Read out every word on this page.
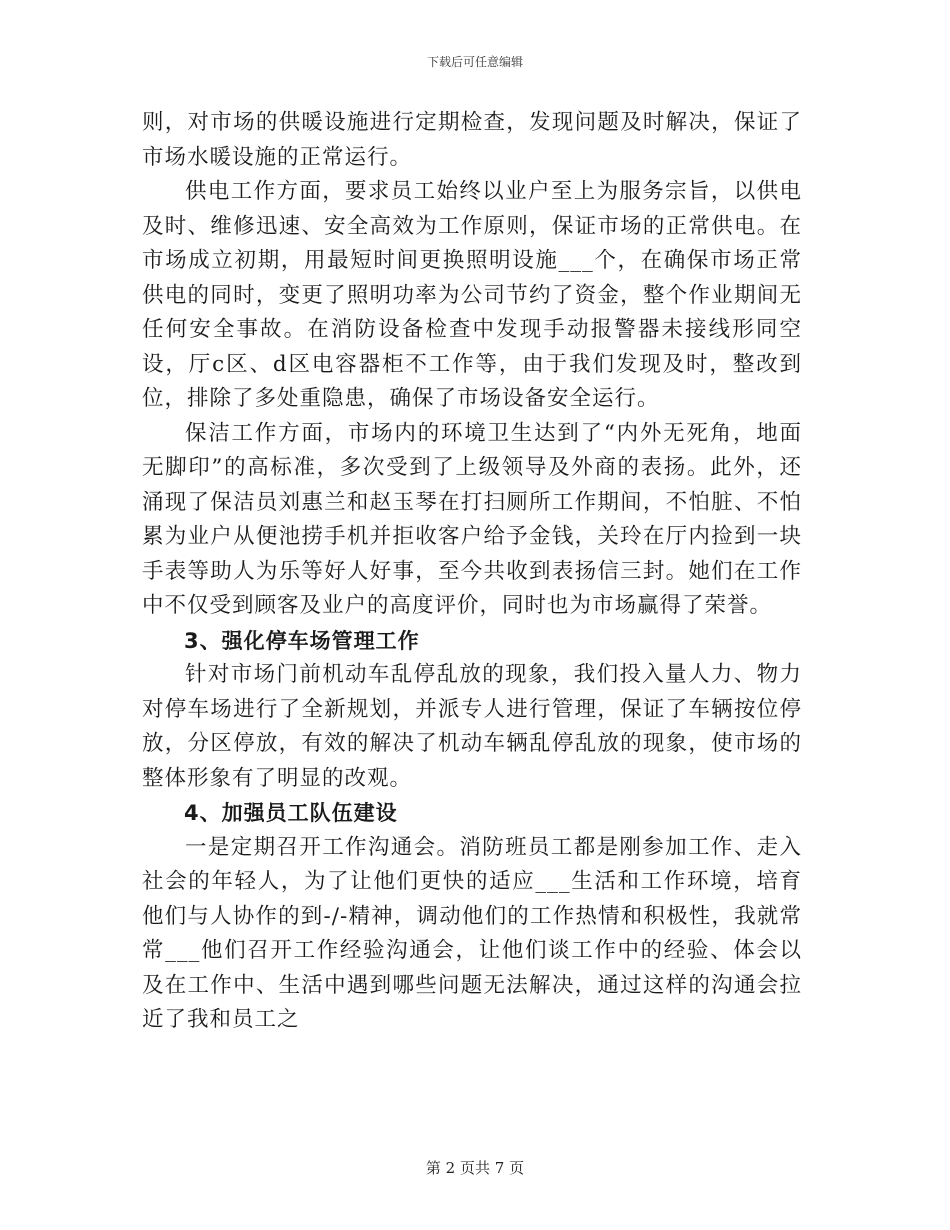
下载后可任意编辑

则，对市场的供暖设施进行定期检查，发现问题及时解决，保证了市场水暖设施的正常运行。

供电工作方面，要求员工始终以业户至上为服务宗旨，以供电及时、维修迅速、安全高效为工作原则，保证市场的正常供电。在市场成立初期，用最短时间更换照明设施___个，在确保市场正常供电的同时，变更了照明功率为公司节约了资金，整个作业期间无任何安全事故。在消防设备检查中发现手动报警器未接线形同空设，厅c区、d区电容器柜不工作等，由于我们发现及时，整改到位，排除了多处重隐患，确保了市场设备安全运行。

保洁工作方面，市场内的环境卫生达到了“内外无死角，地面无脚印”的高标准，多次受到了上级领导及外商的表扬。此外，还涌现了保洁员刘惠兰和赵玉琴在打扫厕所工作期间，不怕脏、不怕累为业户从便池捞手机并拒收客户给予金钱，关玲在厅内捡到一块手表等助人为乐等好人好事，至今共收到表扬信三封。她们在工作中不仅受到顾客及业户的高度评价，同时也为市场赢得了荣誉。

3、强化停车场管理工作

针对市场门前机动车乱停乱放的现象，我们投入量人力、物力对停车场进行了全新规划，并派专人进行管理，保证了车辆按位停放，分区停放，有效的解决了机动车辆乱停乱放的现象，使市场的整体形象有了明显的改观。

4、加强员工队伍建设

一是定期召开工作沟通会。消防班员工都是刚参加工作、走入社会的年轻人，为了让他们更快的适应___生活和工作环境，培育他们与人协作的到-/-精神，调动他们的工作热情和积极性，我就常常___他们召开工作经验沟通会，让他们谈工作中的经验、体会以及在工作中、生活中遇到哪些问题无法解决，通过这样的沟通会拉近了我和员工之

第 2 页共 7 页
